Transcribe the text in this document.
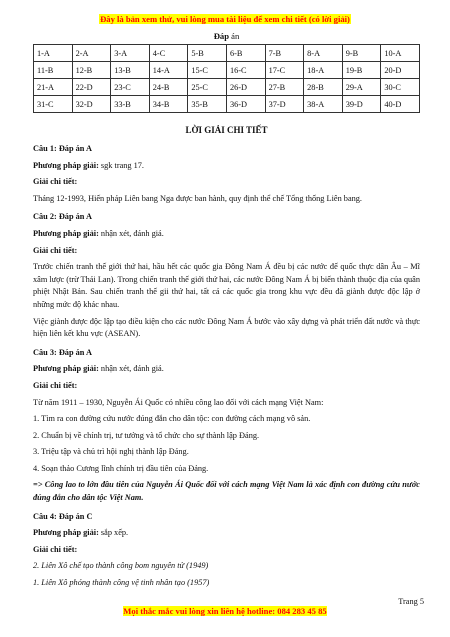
Đây là bản xem thử, vui lòng mua tài liệu để xem chi tiết (có lời giải)
Đáp án
1-A	2-A	3-A	4-C	5-B	6-B	7-B	8-A	9-B	10-A
11-B	12-B	13-B	14-A	15-C	16-C	17-C	18-A	19-B	20-D
21-A	22-D	23-C	24-B	25-C	26-D	27-B	28-B	29-A	30-C
31-C	32-D	33-B	34-B	35-B	36-D	37-D	38-A	39-D	40-D
LỜI GIẢI CHI TIẾT

Câu 1: Đáp án A

Phương pháp giải: sgk trang 17.

Giải chi tiết:

Tháng 12-1993, Hiến pháp Liên bang Nga được ban hành, quy định thể chế Tổng thống Liên bang.

Câu 2: Đáp án A

Phương pháp giải: nhận xét, đánh giá.

Giải chi tiết:

Trước chiến tranh thế giới thứ hai, hầu hết các quốc gia Đông Nam Á đều bị các nước đế quốc thực dân Âu – Mĩ xâm lược (trừ Thái Lan). Trong chiến tranh thế giới thứ hai, các nước Đông Nam Á bị biến thành thuộc địa của quân phiệt Nhật Bản. Sau chiến tranh thế gii thứ hai, tất cả các quốc gia trong khu vực đều đã giành được độc lập ở những mức độ khác nhau.

Việc giành được độc lập tạo điều kiện cho các nước Đông Nam Á bước vào xây dựng và phát triển đất nước và thực hiện liên kết khu vực (ASEAN).

Câu 3: Đáp án A

Phương pháp giải: nhận xét, đánh giá.

Giải chi tiết:

Từ năm 1911 – 1930, Nguyễn Ái Quốc có nhiều công lao đối với cách mạng Việt Nam:

1. Tìm ra con đường cứu nước đúng đắn cho dân tộc: con đường cách mạng vô sản.

2. Chuẩn bị về chính trị, tư tưởng và tổ chức cho sự thành lập Đảng.

3. Triệu tập và chủ trì hội nghị thành lập Đảng.

4. Soạn thảo Cương lĩnh chính trị đầu tiên của Đảng.

=> Công lao to lớn đầu tiên của Nguyễn Ái Quốc đối với cách mạng Việt Nam là xác định con đường cứu nước đúng đắn cho dân tộc Việt Nam.

Câu 4: Đáp án C

Phương pháp giải: sắp xếp.

Giải chi tiết:

2. Liên Xô chế tạo thành công bom nguyên tử (1949)

1. Liên Xô phóng thành công vệ tinh nhân tạo (1957)

Trang 5
Mọi thắc mắc vui lòng xin liên hệ hotline: 084 283 45 85
